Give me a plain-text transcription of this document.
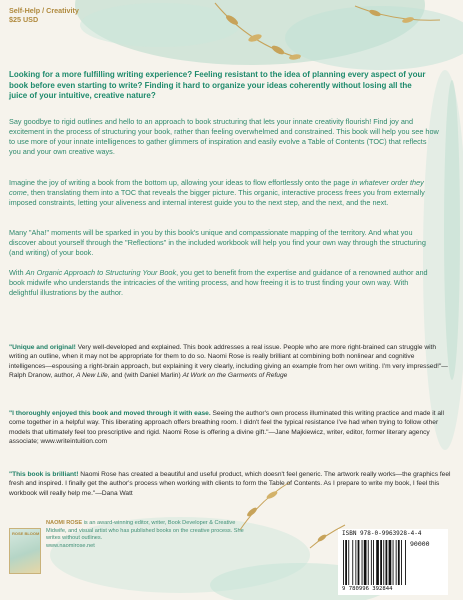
Self-Help / Creativity
$25 USD

Looking for a more fulfilling writing experience? Feeling resistant to the idea of planning every aspect of your book before even starting to write? Finding it hard to organize your ideas coherently without losing all the juice of your intuitive, creative nature?

Say goodbye to rigid outlines and hello to an approach to book structuring that lets your innate creativity flourish! Find joy and excitement in the process of structuring your book, rather than feeling overwhelmed and constrained. This book will help you see how to use more of your innate intelligences to gather glimmers of inspiration and easily evolve a Table of Contents (TOC) that reflects you and your own creative ways.

Imagine the joy of writing a book from the bottom up, allowing your ideas to flow effortlessly onto the page in whatever order they come, then translating them into a TOC that reveals the bigger picture. This organic, interactive process frees you from externally imposed constraints, letting your aliveness and internal interest guide you to the next step, and the next, and the next.

Many "Aha!" moments will be sparked in you by this book's unique and compassionate mapping of the territory. And what you discover about yourself through the "Reflections" in the included workbook will help you find your own way through the structuring (and writing) of your book.

With An Organic Approach to Structuring Your Book, you get to benefit from the expertise and guidance of a renowned author and book midwife who understands the intricacies of the writing process, and how freeing it is to trust finding your own way. With delightful illustrations by the author.

"Unique and original! Very well-developed and explained. This book addresses a real issue. People who are more right-brained can struggle with writing an outline, when it may not be appropriate for them to do so. Naomi Rose is really brilliant at combining both nonlinear and cognitive intelligences—espousing a right-brain approach, but explaining it very clearly, including giving an example from her own writing. I'm very impressed!"—Ralph Dranow, author, A New Life, and (with Daniel Marlin) At Work on the Garments of Refuge

"I thoroughly enjoyed this book and moved through it with ease. Seeing the author's own process illuminated this writing practice and made it all come together in a helpful way. This liberating approach offers breathing room. I didn't feel the typical resistance I've had when trying to follow other models that ultimately feel too prescriptive and rigid. Naomi Rose is offering a divine gift."—Jane Majkiewicz, writer, editor, former literary agency associate; www.writeintuition.com

"This book is brilliant! Naomi Rose has created a beautiful and useful product, which doesn't feel generic. The artwork really works—the graphics feel fresh and inspired. I finally get the author's process when working with clients to form the Table of Contents. As I prepare to write my book, I feel this workbook will really help me."—Dana Watt

ROSE BLOOM
NAOMI ROSE is an award-winning editor, writer, Book Developer & Creative Midwife, and visual artist who has published books on the creative process. She writes without outlines.
www.naomirose.net
ISBN 978-0-9963928-4-4
90000
9 780996 392844
